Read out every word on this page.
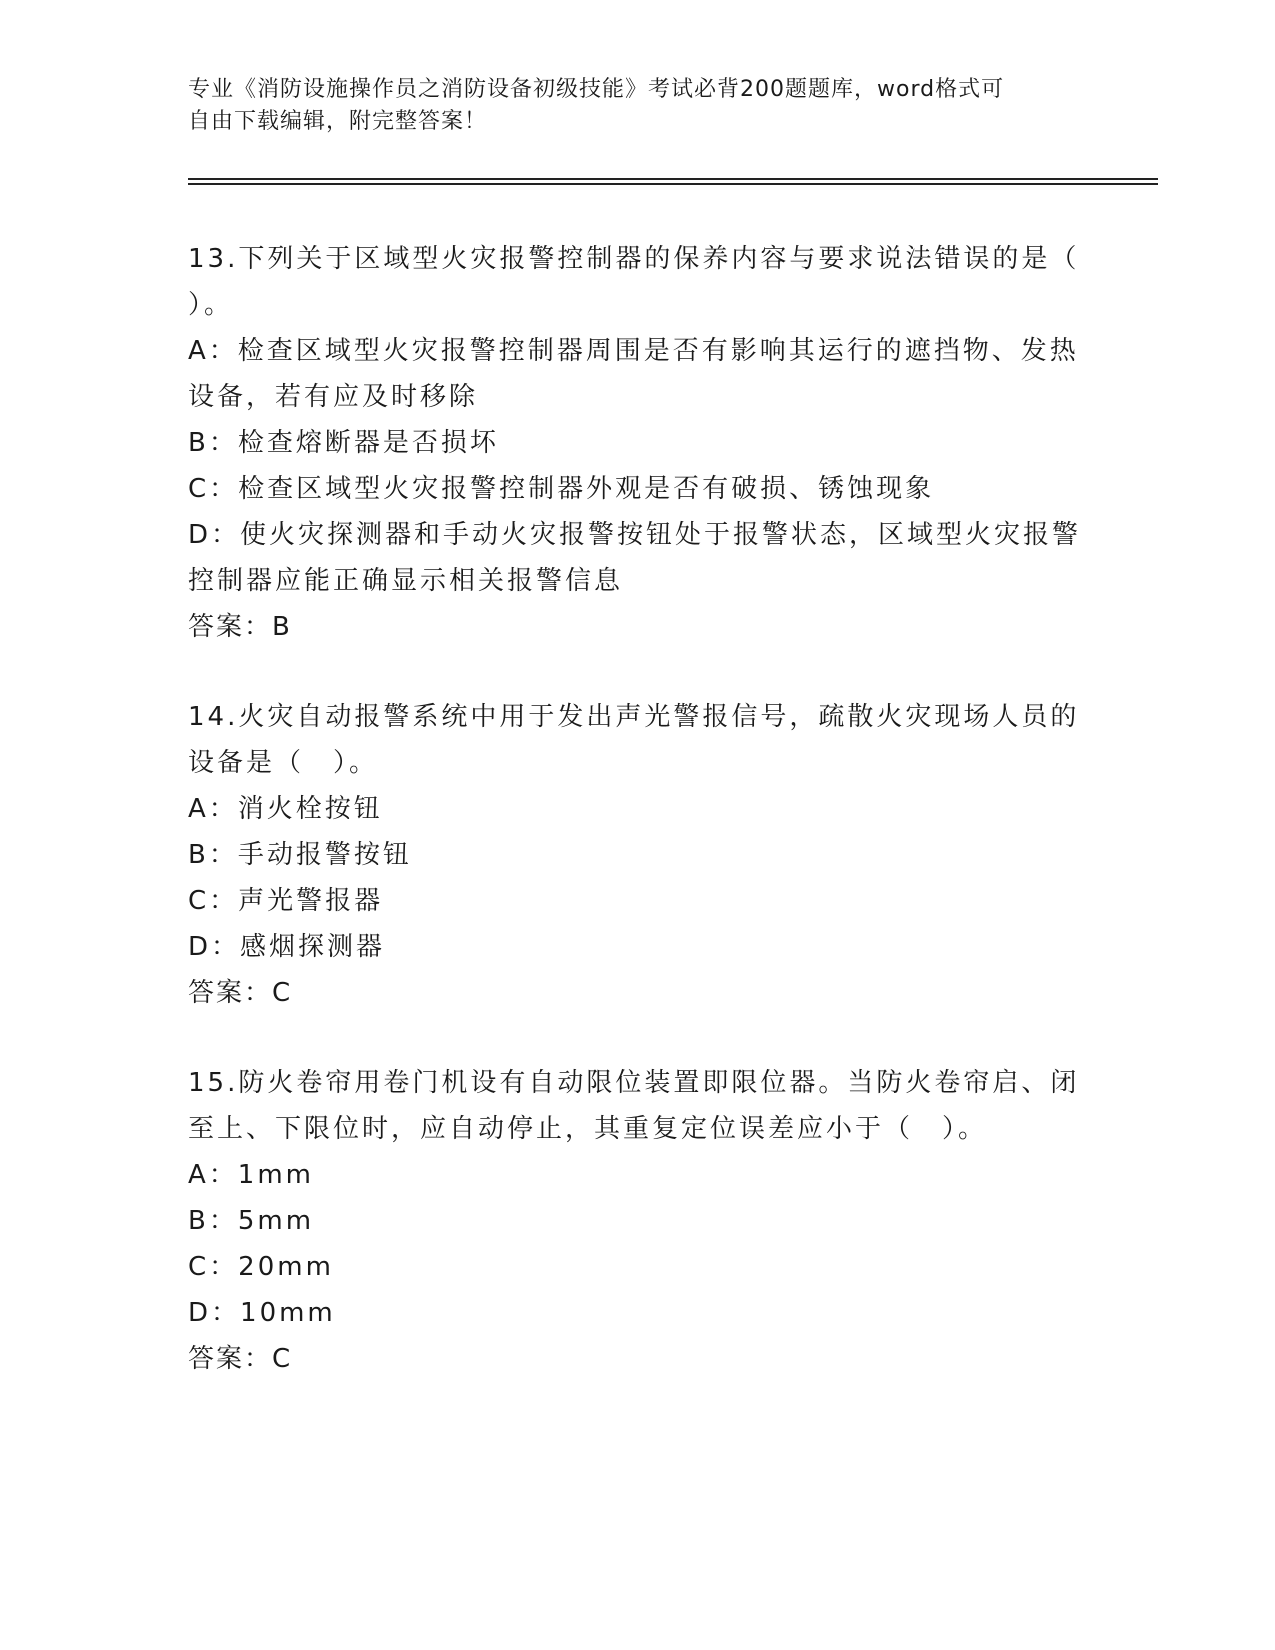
专业《消防设施操作员之消防设备初级技能》考试必背200题题库，word格式可
自由下载编辑，附完整答案！
13.下列关于区域型火灾报警控制器的保养内容与要求说法错误的是（
）。
A：检查区域型火灾报警控制器周围是否有影响其运行的遮挡物、发热
设备，若有应及时移除
B：检查熔断器是否损坏
C：检查区域型火灾报警控制器外观是否有破损、锈蚀现象
D：使火灾探测器和手动火灾报警按钮处于报警状态，区域型火灾报警
控制器应能正确显示相关报警信息
答案：B
14.火灾自动报警系统中用于发出声光警报信号，疏散火灾现场人员的
设备是（　）。
A：消火栓按钮
B：手动报警按钮
C：声光警报器
D：感烟探测器
答案：C
15.防火卷帘用卷门机设有自动限位装置即限位器。当防火卷帘启、闭
至上、下限位时，应自动停止，其重复定位误差应小于（　）。
A：1mm
B：5mm
C：20mm
D：10mm
答案：C
